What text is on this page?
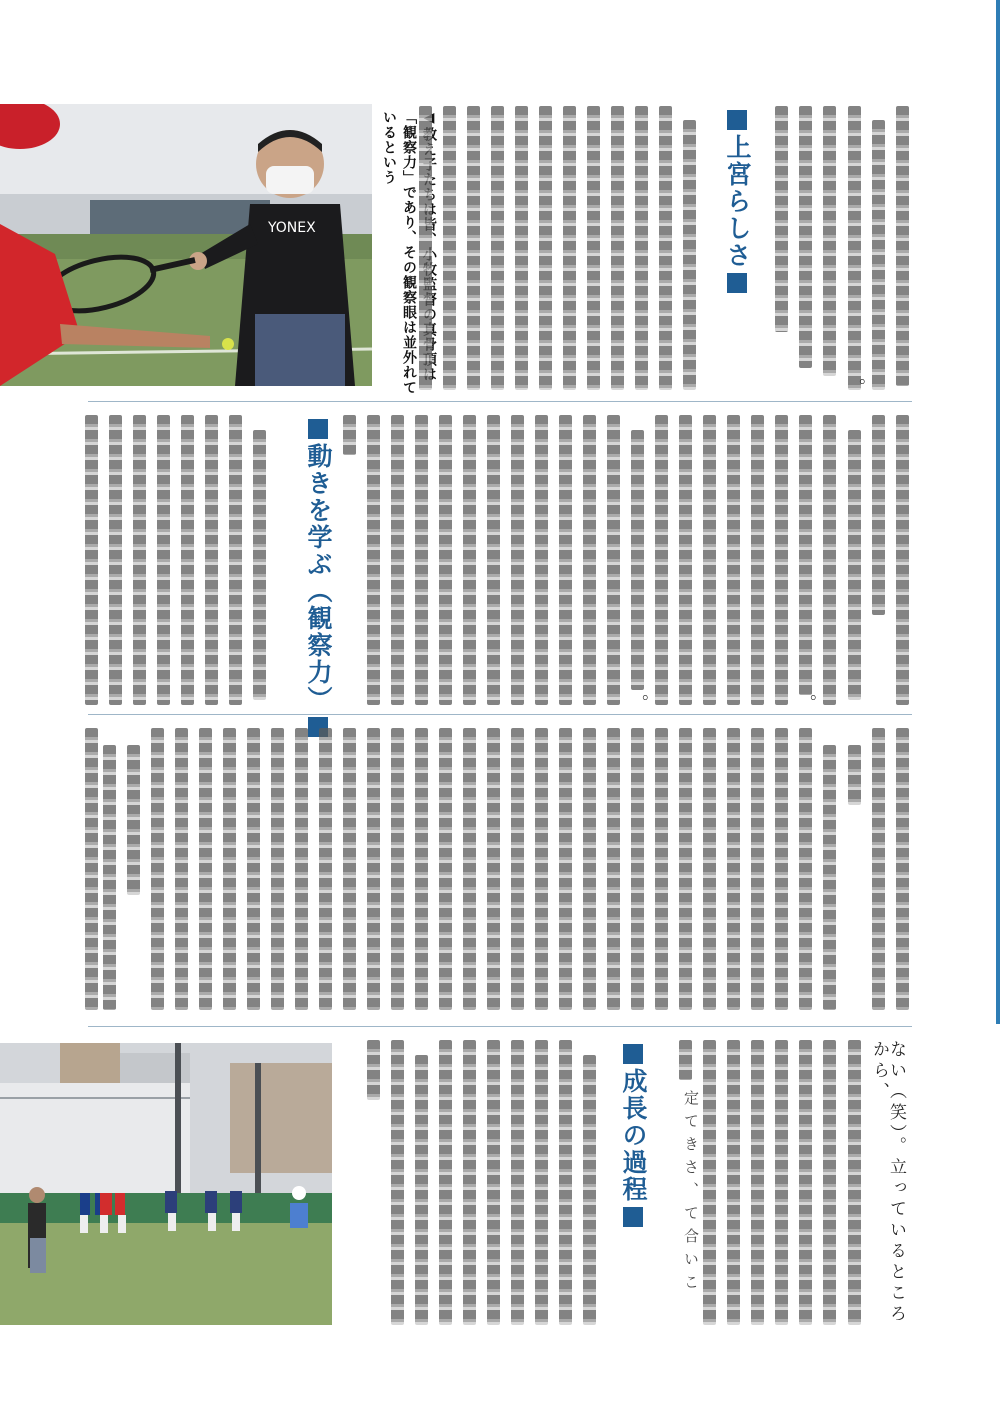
YONEX
「観察力」であり、その観察眼は並外れているという	上宮らしさ
動きを学ぶ（観察力）
成長の過程
。
。
。
ない（笑）。立っているところから、
定てきさ、て合いこ
